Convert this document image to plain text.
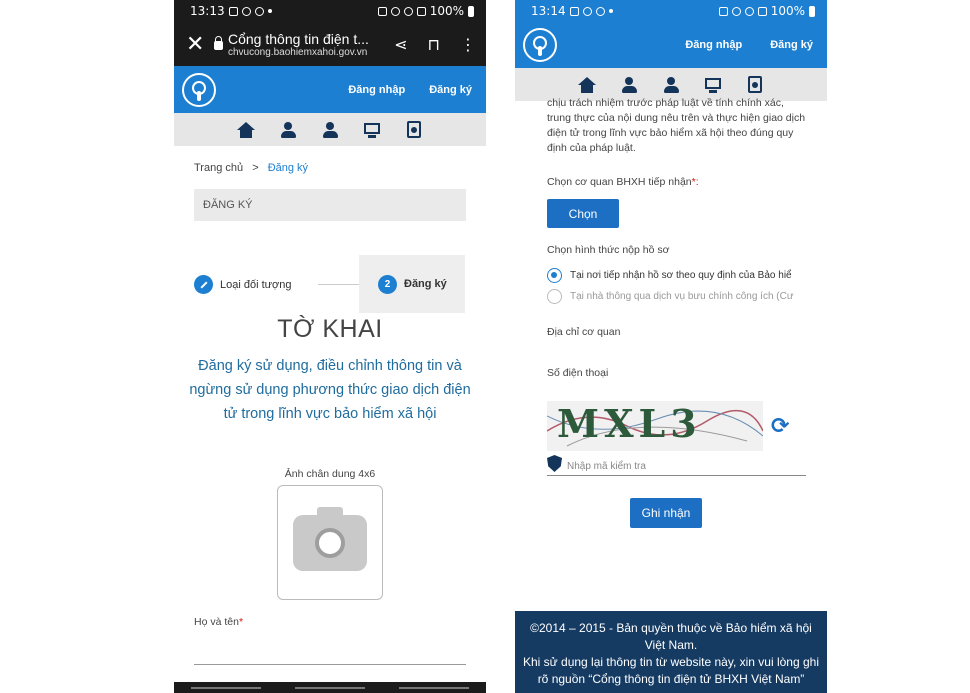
13:13	100%
✕	Cổng thông tin điện t...
chvucong.baohiemxahoi.gov.vn ⋖ ⊓ ⋮
Đăng nhập Đăng ký
Trang chủ > Đăng ký
ĐĂNG KÝ
Loại đối tượng	2	Đăng ký
TỜ KHAI
Đăng ký sử dụng, điều chỉnh thông tin và ngừng sử dụng phương thức giao dịch điện tử trong lĩnh vực bảo hiểm xã hội
Ảnh chân dung 4x6
Họ và tên*
13:14	100%
Đăng nhập	Đăng ký
chịu trách nhiệm trước pháp luật về tính chính xác, trung thực của nội dung nêu trên và thực hiện giao dịch điện tử trong lĩnh vực bảo hiểm xã hội theo đúng quy định của pháp luật.
Chọn cơ quan BHXH tiếp nhận*:
Chọn
Chọn hình thức nộp hồ sơ
Tại nơi tiếp nhận hồ sơ theo quy định của Bảo hiể
Tại nhà thông qua dịch vụ bưu chính công ích (Cư
Địa chỉ cơ quan
Số điện thoại
MXL3	⟳
Nhập mã kiểm tra
Ghi nhận
©2014 – 2015 - Bản quyền thuộc về Bảo hiểm xã hội Việt Nam.
Khi sử dụng lại thông tin từ website này, xin vui lòng ghi rõ nguồn “Cổng thông tin điện tử BHXH Việt Nam”
